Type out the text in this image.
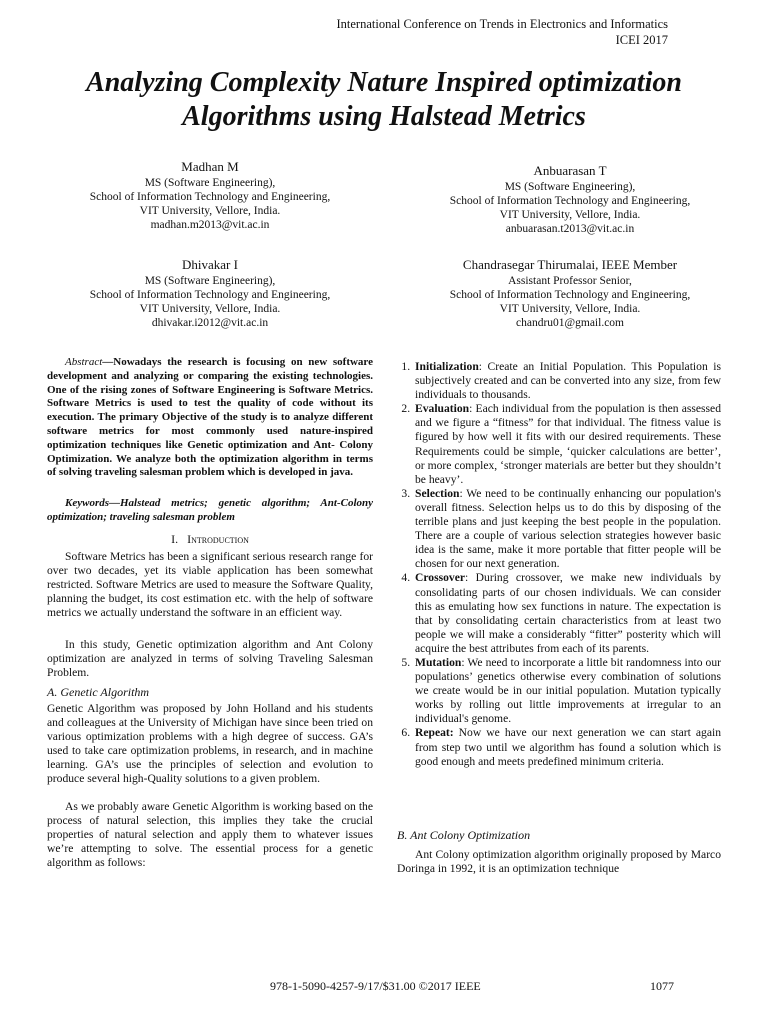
International Conference on Trends in Electronics and Informatics
ICEI 2017
Analyzing Complexity Nature Inspired optimization
Algorithms using Halstead Metrics
Madhan M
MS (Software Engineering),
School of Information Technology and Engineering,
VIT University, Vellore, India.
madhan.m2013@vit.ac.in
Anbuarasan T
MS (Software Engineering),
School of Information Technology and Engineering,
VIT University, Vellore, India.
anbuarasan.t2013@vit.ac.in
Dhivakar I
MS (Software Engineering),
School of Information Technology and Engineering,
VIT University, Vellore, India.
dhivakar.i2012@vit.ac.in
Chandrasegar Thirumalai, IEEE Member
Assistant Professor Senior,
School of Information Technology and Engineering,
VIT University, Vellore, India.
chandru01@gmail.com

Abstract—Nowadays the research is focusing on new software development and analyzing or comparing the existing technologies. One of the rising zones of Software Engineering is Software Metrics. Software Metrics is used to test the quality of code without its execution. The primary Objective of the study is to analyze different software metrics for most commonly used nature-inspired optimization techniques like Genetic optimization and Ant- Colony Optimization. We analyze both the optimization algorithm in terms of solving traveling salesman problem which is developed in java.

Keywords—Halstead metrics; genetic algorithm; Ant-Colony optimization; traveling salesman problem

I. Introduction

Software Metrics has been a significant serious research range for over two decades, yet its viable application has been somewhat restricted. Software Metrics are used to measure the Software Quality, planning the budget, its cost estimation etc. with the help of software metrics we actually understand the software in an efficient way.

In this study, Genetic optimization algorithm and Ant Colony optimization are analyzed in terms of solving Traveling Salesman Problem.

A. Genetic Algorithm

Genetic Algorithm was proposed by John Holland and his students and colleagues at the University of Michigan have since been tried on various optimization problems with a high degree of success. GA’s used to take care optimization problems, in research, and in machine learning. GA’s use the principles of selection and evolution to produce several high-Quality solutions to a given problem.

As we probably aware Genetic Algorithm is working based on the process of natural selection, this implies they take the crucial properties of natural selection and apply them to whatever issues we’re attempting to solve. The essential process for a genetic algorithm as follows:

1. Initialization: Create an Initial Population. This Population is subjectively created and can be converted into any size, from few individuals to thousands.
2. Evaluation: Each individual from the population is then assessed and we figure a “fitness” for that individual. The fitness value is figured by how well it fits with our desired requirements. These Requirements could be simple, ‘quicker calculations are better’, or more complex, ‘stronger materials are better but they shouldn’t be heavy’.
3. Selection: We need to be continually enhancing our population's overall fitness. Selection helps us to do this by disposing of the terrible plans and just keeping the best people in the population. There are a couple of various selection strategies however basic idea is the same, make it more portable that fitter people will be chosen for our next generation.
4. Crossover: During crossover, we make new individuals by consolidating parts of our chosen individuals. We can consider this as emulating how sex functions in nature. The expectation is that by consolidating certain characteristics from at least two people we will make a considerably “fitter” posterity which will acquire the best attributes from each of its parents.
5. Mutation: We need to incorporate a little bit randomness into our populations’ genetics otherwise every combination of solutions we create would be in our initial population. Mutation typically works by rolling out little improvements at irregular to an individual's genome.
6. Repeat: Now we have our next generation we can start again from step two until we algorithm has found a solution which is good enough and meets predefined minimum criteria.
B. Ant Colony Optimization

Ant Colony optimization algorithm originally proposed by Marco Doringa in 1992, it is an optimization technique

978-1-5090-4257-9/17/$31.00 ©2017 IEEE	1077
